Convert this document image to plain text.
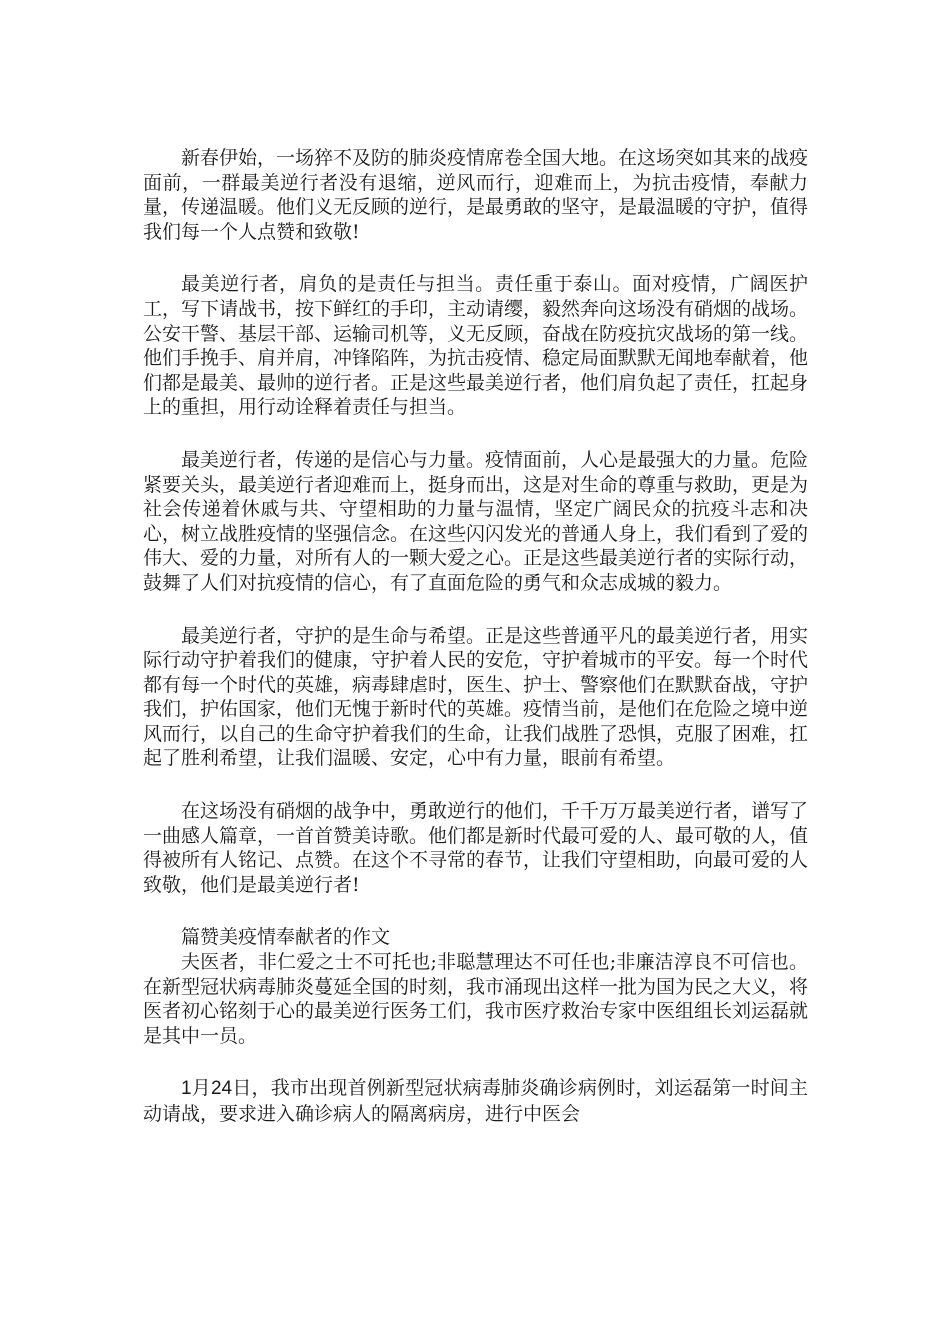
新春伊始，一场猝不及防的肺炎疫情席卷全国大地。在这场突如其来的战疫面前，一群最美逆行者没有退缩，逆风而行，迎难而上，为抗击疫情，奉献力量，传递温暖。他们义无反顾的逆行，是最勇敢的坚守，是最温暖的守护，值得我们每一个人点赞和致敬!

最美逆行者，肩负的是责任与担当。责任重于泰山。面对疫情，广阔医护工，写下请战书，按下鲜红的手印，主动请缨，毅然奔向这场没有硝烟的战场。公安干警、基层干部、运输司机等，义无反顾，奋战在防疫抗灾战场的第一线。他们手挽手、肩并肩，冲锋陷阵，为抗击疫情、稳定局面默默无闻地奉献着，他们都是最美、最帅的逆行者。正是这些最美逆行者，他们肩负起了责任，扛起身上的重担，用行动诠释着责任与担当。

最美逆行者，传递的是信心与力量。疫情面前，人心是最强大的力量。危险紧要关头，最美逆行者迎难而上，挺身而出，这是对生命的尊重与救助，更是为社会传递着休戚与共、守望相助的力量与温情，坚定广阔民众的抗疫斗志和决心，树立战胜疫情的坚强信念。在这些闪闪发光的普通人身上，我们看到了爱的伟大、爱的力量，对所有人的一颗大爱之心。正是这些最美逆行者的实际行动，鼓舞了人们对抗疫情的信心，有了直面危险的勇气和众志成城的毅力。

最美逆行者，守护的是生命与希望。正是这些普通平凡的最美逆行者，用实际行动守护着我们的健康，守护着人民的安危，守护着城市的平安。每一个时代都有每一个时代的英雄，病毒肆虐时，医生、护士、警察他们在默默奋战，守护我们，护佑国家，他们无愧于新时代的英雄。疫情当前，是他们在危险之境中逆风而行，以自己的生命守护着我们的生命，让我们战胜了恐惧，克服了困难，扛起了胜利希望，让我们温暖、安定，心中有力量，眼前有希望。

在这场没有硝烟的战争中，勇敢逆行的他们，千千万万最美逆行者，谱写了一曲感人篇章，一首首赞美诗歌。他们都是新时代最可爱的人、最可敬的人，值得被所有人铭记、点赞。在这个不寻常的春节，让我们守望相助，向最可爱的人致敬，他们是最美逆行者!

篇赞美疫情奉献者的作文

夫医者，非仁爱之士不可托也;非聪慧理达不可任也;非廉洁淳良不可信也。在新型冠状病毒肺炎蔓延全国的时刻，我市涌现出这样一批为国为民之大义，将医者初心铭刻于心的最美逆行医务工们，我市医疗救治专家中医组组长刘运磊就是其中一员。

1月24日，我市出现首例新型冠状病毒肺炎确诊病例时，刘运磊第一时间主动请战，要求进入确诊病人的隔离病房，进行中医会
